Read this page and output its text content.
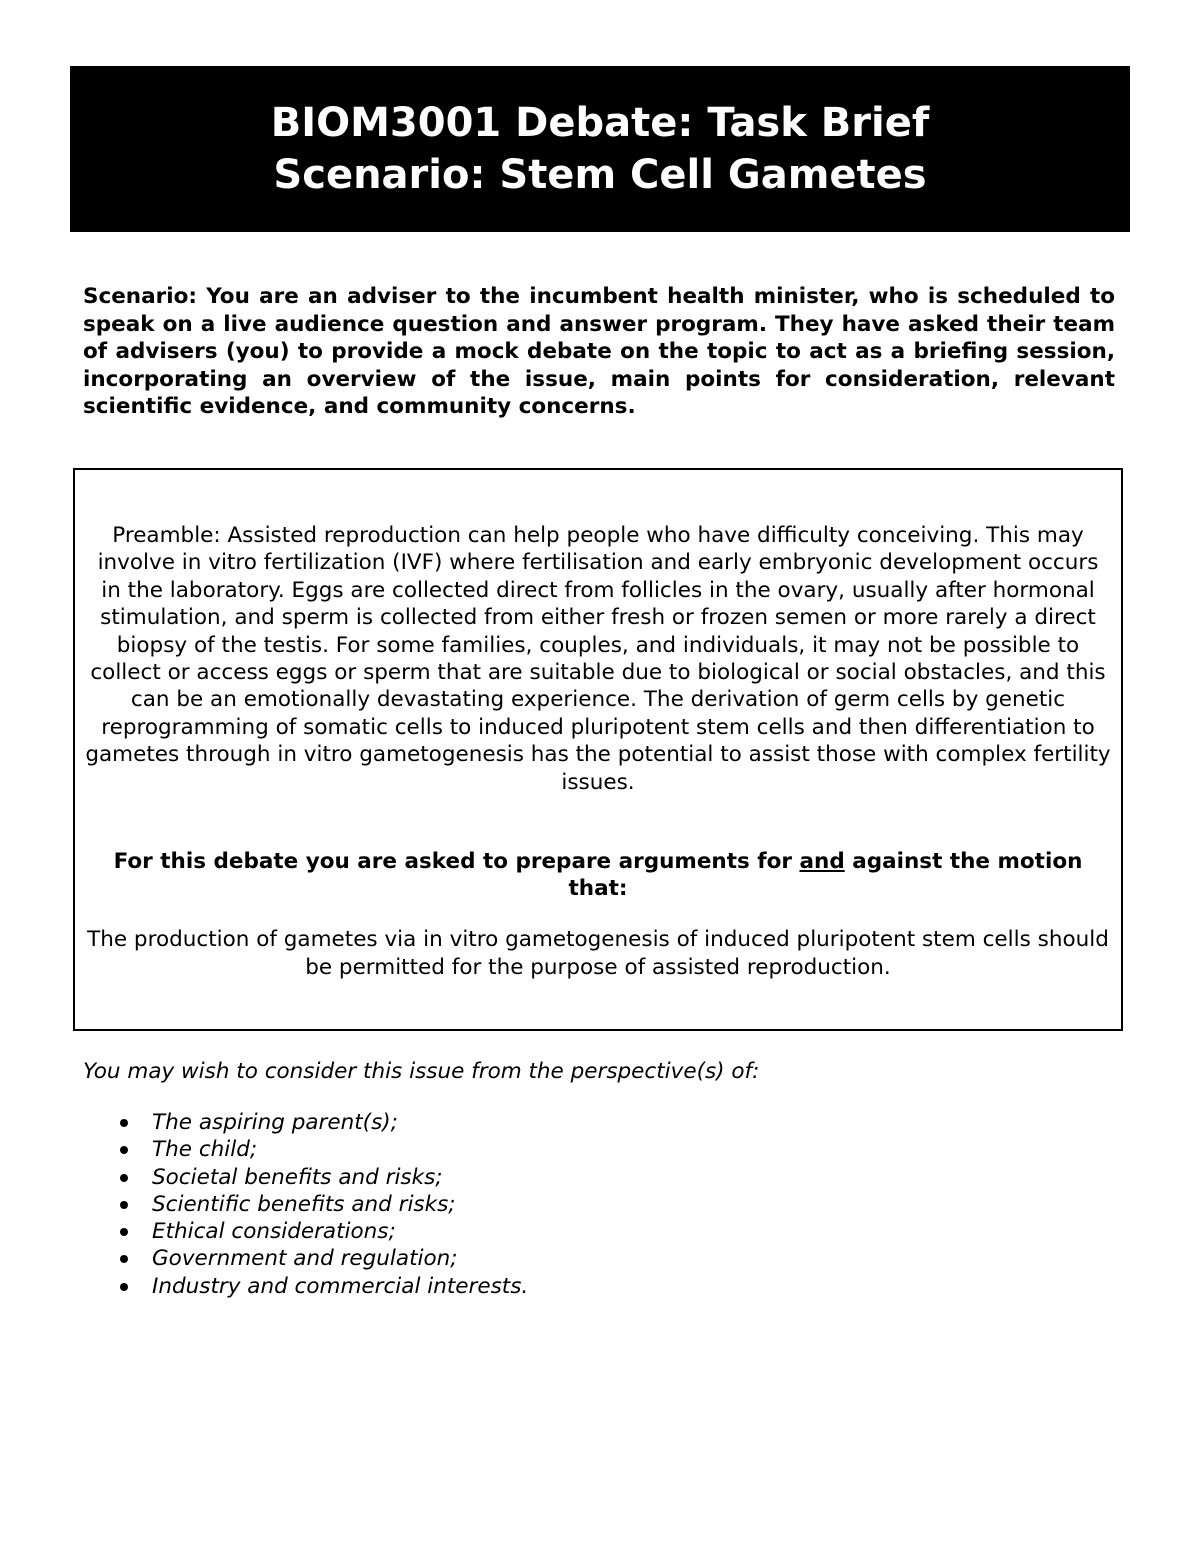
BIOM3001 Debate: Task Brief
Scenario: Stem Cell Gametes

Scenario: You are an adviser to the incumbent health minister, who is scheduled to speak on a live audience question and answer program. They have asked their team of advisers (you) to provide a mock debate on the topic to act as a briefing session, incorporating an overview of the issue, main points for consideration, relevant scientific evidence, and community concerns.

Preamble: Assisted reproduction can help people who have difficulty conceiving. This may involve in vitro fertilization (IVF) where fertilisation and early embryonic development occurs in the laboratory. Eggs are collected direct from follicles in the ovary, usually after hormonal stimulation, and sperm is collected from either fresh or frozen semen or more rarely a direct biopsy of the testis. For some families, couples, and individuals, it may not be possible to collect or access eggs or sperm that are suitable due to biological or social obstacles, and this can be an emotionally devastating experience. The derivation of germ cells by genetic reprogramming of somatic cells to induced pluripotent stem cells and then differentiation to gametes through in vitro gametogenesis has the potential to assist those with complex fertility issues.

For this debate you are asked to prepare arguments for and against the motion that:

The production of gametes via in vitro gametogenesis of induced pluripotent stem cells should be permitted for the purpose of assisted reproduction.

You may wish to consider this issue from the perspective(s) of:

The aspiring parent(s);
The child;
Societal benefits and risks;
Scientific benefits and risks;
Ethical considerations;
Government and regulation;
Industry and commercial interests.
